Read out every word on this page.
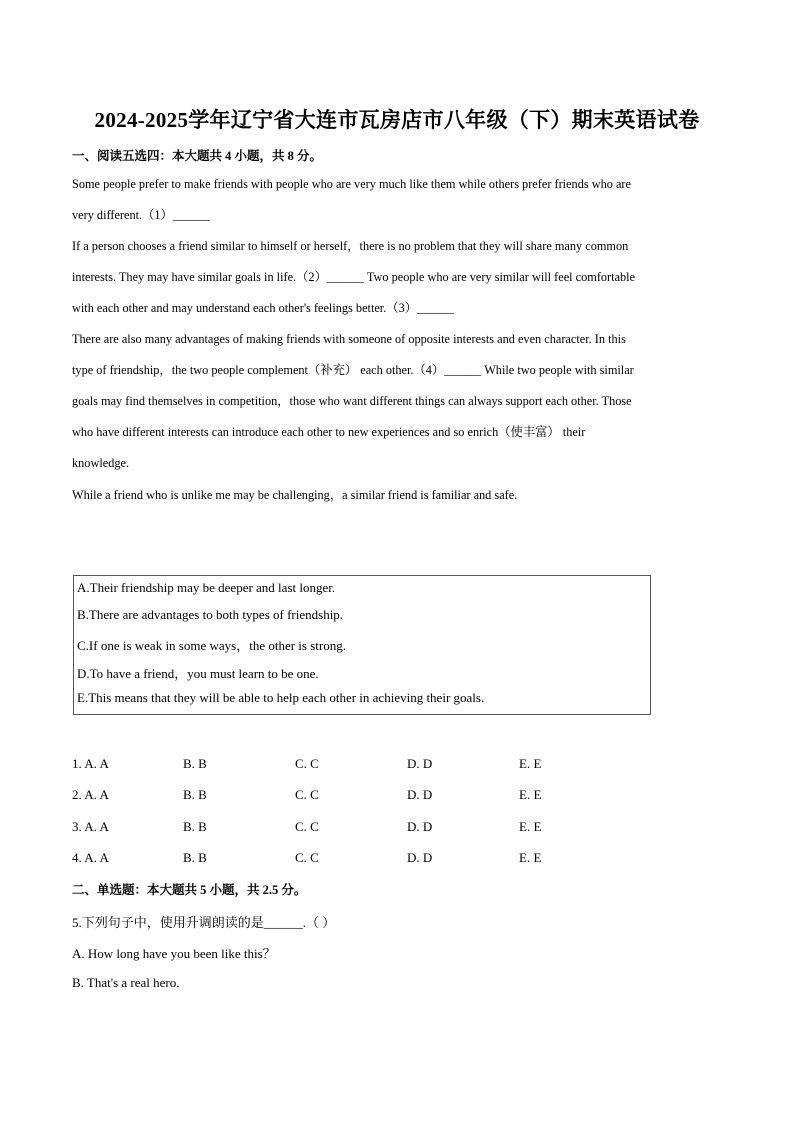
2024-2025学年辽宁省大连市瓦房店市八年级（下）期末英语试卷
一、阅读五选四：本大题共 4 小题，共 8 分。
Some people prefer to make friends with people who are very much like them while others prefer friends who are
very different.（1）______
If a person chooses a friend similar to himself or herself，there is no problem that they will share many common
interests. They may have similar goals in life.（2）______ Two people who are very similar will feel comfortable
with each other and may understand each other's feelings better.（3）______
There are also many advantages of making friends with someone of opposite interests and even character. In this
type of friendship，the two people complement（补充） each other.（4）______ While two people with similar
goals may find themselves in competition，those who want different things can always support each other. Those
who have different interests can introduce each other to new experiences and so enrich（使丰富） their
knowledge.
While a friend who is unlike me may be challenging，a similar friend is familiar and safe.
A.Their friendship may be deeper and last longer.
B.There are advantages to both types of friendship.
C.If one is weak in some ways，the other is strong.
D.To have a friend，you must learn to be one.
E.This means that they will be able to help each other in achieving their goals.
1. A. A	B. B	C. C	D. D	E. E
2. A. A	B. B	C. C	D. D	E. E
3. A. A	B. B	C. C	D. D	E. E
4. A. A	B. B	C. C	D. D	E. E
二、单选题：本大题共 5 小题，共 2.5 分。
5.下列句子中，使用升调朗读的是______.（ ）
A. How long have you been like this？
B. That's a real hero.
